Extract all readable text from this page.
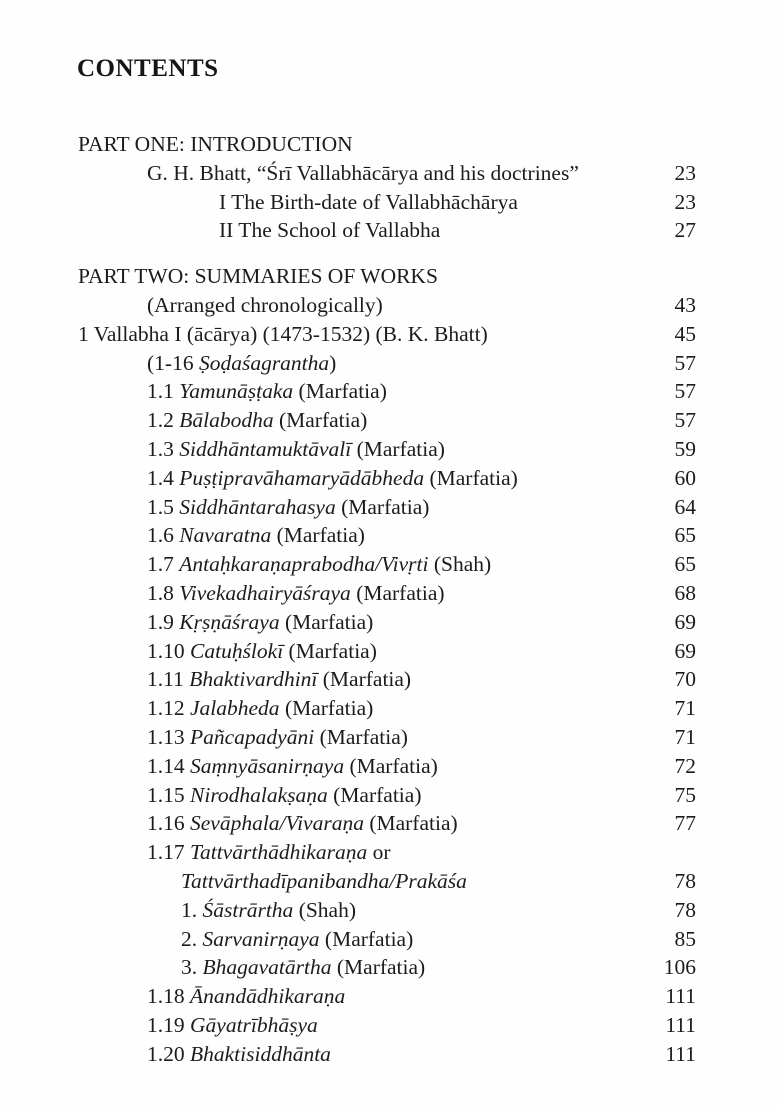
CONTENTS
PART ONE: INTRODUCTION
G. H. Bhatt, “Śrī Vallabhācārya and his doctrines”	23
I The Birth-date of Vallabhāchārya	23
II The School of Vallabha	27
PART TWO: SUMMARIES OF WORKS
(Arranged chronologically)	43
1 Vallabha I (ācārya) (1473-1532) (B. K. Bhatt)	45
(1-16 Ṣoḍaśagrantha)	57
1.1 Yamunāṣṭaka (Marfatia)	57
1.2 Bālabodha (Marfatia)	57
1.3 Siddhāntamuktāvalī (Marfatia)	59
1.4 Puṣṭipravāhamaryādābheda (Marfatia)	60
1.5 Siddhāntarahasya (Marfatia)	64
1.6 Navaratna (Marfatia)	65
1.7 Antaḥkaraṇaprabodha/Vivṛti (Shah)	65
1.8 Vivekadhairyāśraya (Marfatia)	68
1.9 Kṛṣṇāśraya (Marfatia)	69
1.10 Catuḥślokī (Marfatia)	69
1.11 Bhaktivardhinī (Marfatia)	70
1.12 Jalabheda (Marfatia)	71
1.13 Pañcapadyāni (Marfatia)	71
1.14 Saṃnyāsanirṇaya (Marfatia)	72
1.15 Nirodhalakṣaṇa (Marfatia)	75
1.16 Sevāphala/Vivaraṇa (Marfatia)	77
1.17 Tattvārthādhikaraṇa or
Tattvārthadīpanibandha/Prakāśa	78
1. Śāstrārtha (Shah)	78
2. Sarvanirṇaya (Marfatia)	85
3. Bhagavatārtha (Marfatia)	106
1.18 Ānandādhikaraṇa	111
1.19 Gāyatrībhāṣya	111
1.20 Bhaktisiddhānta	111
